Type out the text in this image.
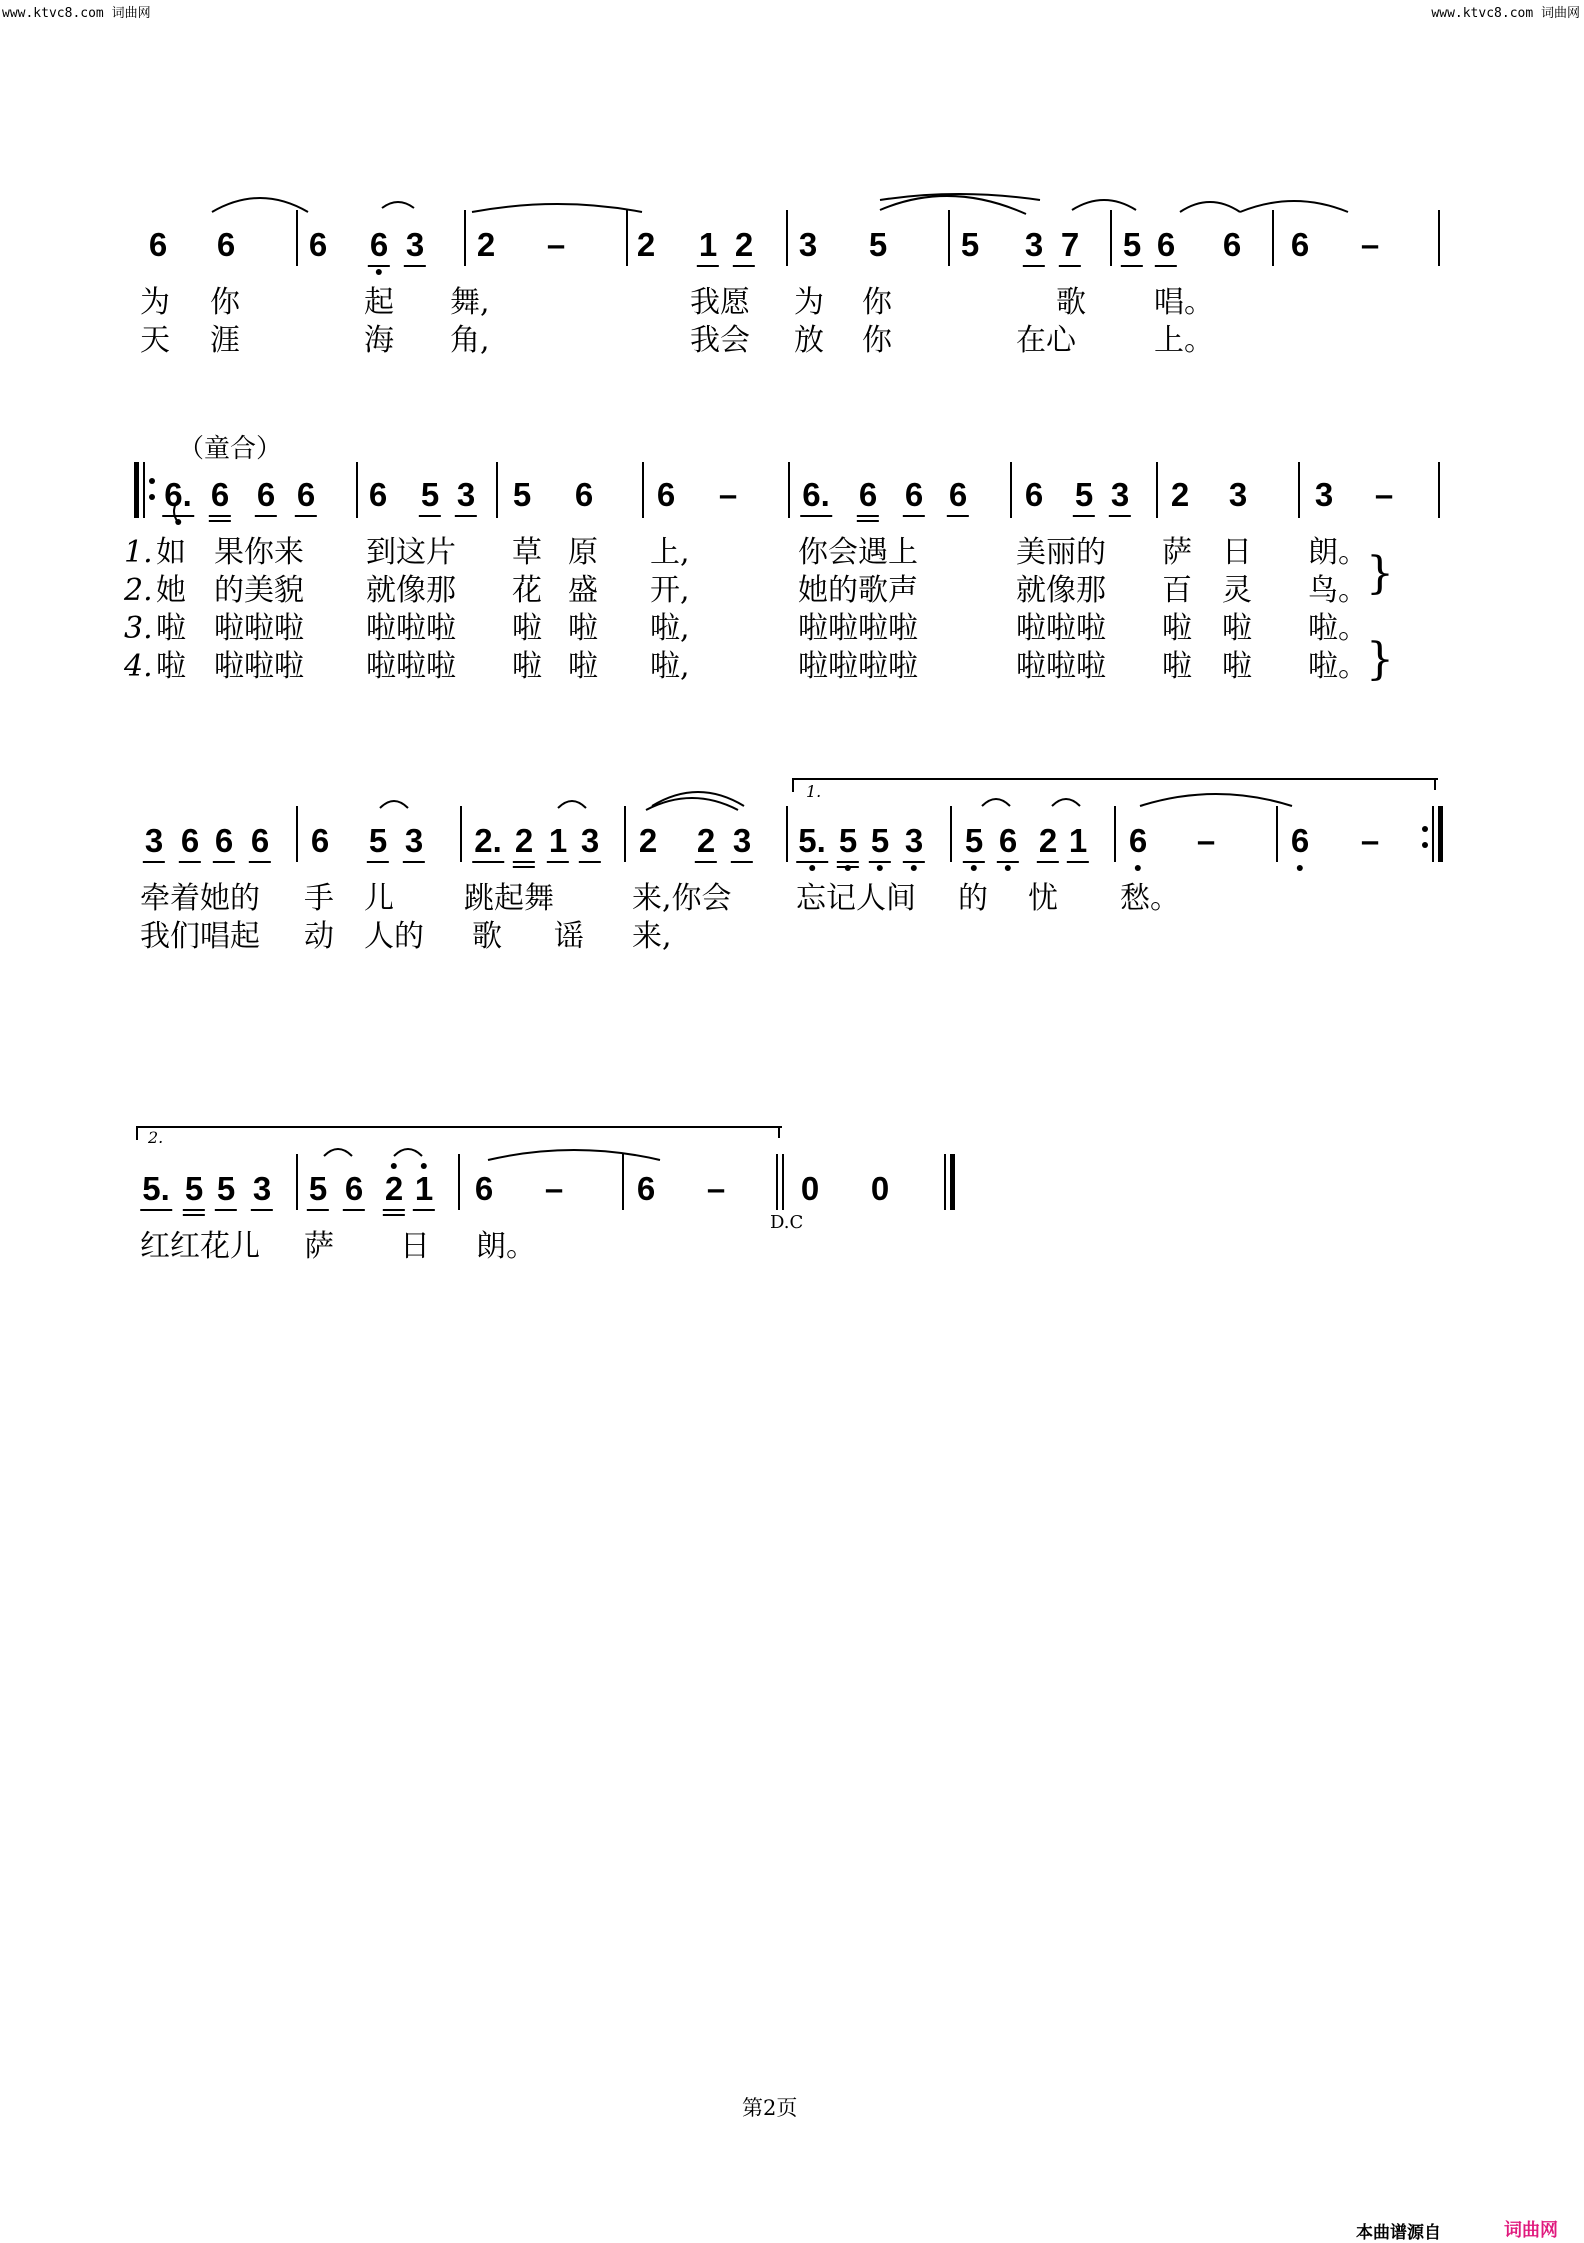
www.ktvc8.com 词曲网	www.ktvc8.com 词曲网
6 6 6 6 3 2 – 2 1 2 3 5 5 3 7 5 6 6 6 –
为 你	起 舞,	我愿 为 你	歌 唱。
天 涯	海 角,	我会 放 你	在心	上。
（童合）
6. 6 6 6 6 5 3 5 6 6 – 6. 6 6 6 6 5 3 2 3 3 –
1. 如 果你来 到这片 草 原 上,	你会遇上	美丽的 萨 日 朗。
2. 她 的美貌 就像那 花 盛 开,	她的歌声	就像那 百 灵 鸟。
3. 啦 啦啦啦 啦啦啦 啦 啦 啦,	啦啦啦啦	啦啦啦 啦 啦 啦。
4. 啦 啦啦啦 啦啦啦 啦 啦 啦,	啦啦啦啦	啦啦啦 啦 啦 啦。
}
}
1.
3 6 6 6 6 5 3 2. 2 1 3 2 2 3 5. 5 5 3 5 6 2 1 6 – 6 –
牵着她的 手 儿 跳起舞	来,你会 忘记人间 的 忧 愁。
我们唱起 动 人的 歌 谣 来,
2.
5. 5 5 3 5 6 2 1 6 – 6 – 0 0
D.C
红红花儿 萨 日 朗。
第2页
本曲谱源自	词曲网
